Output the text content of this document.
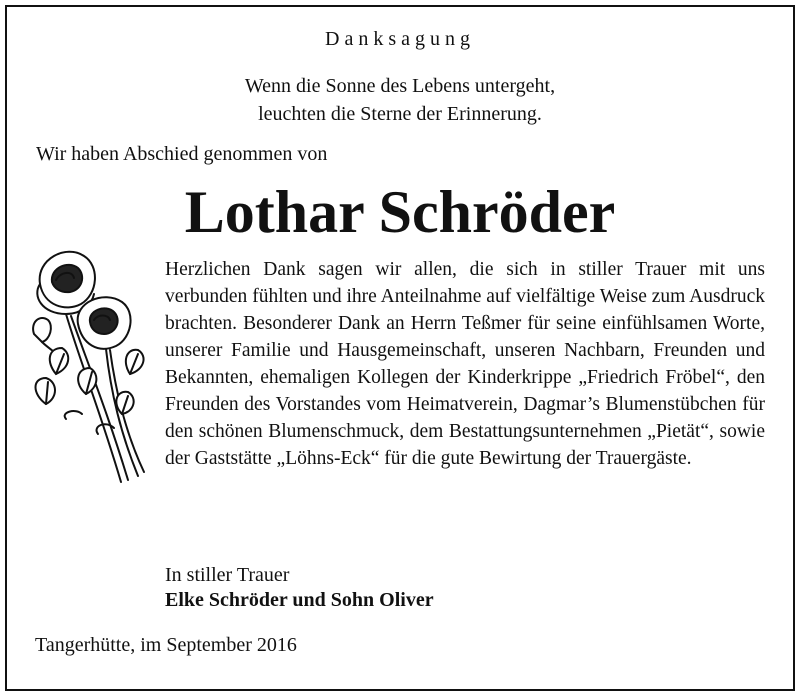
Danksagung
Wenn die Sonne des Lebens untergeht,
leuchten die Sterne der Erinnerung.
Wir haben Abschied genommen von
Lothar Schröder
Herzlichen Dank sagen wir allen, die sich in stiller Trauer mit uns verbunden fühlten und ihre Anteilnahme auf vielfältige Weise zum Ausdruck brachten. Besonderer Dank an Herrn Teßmer für seine einfühlsamen Worte, unserer Familie und Hausgemeinschaft, unseren Nachbarn, Freunden und Bekannten, ehemaligen Kollegen der Kinderkrippe „Friedrich Fröbel“, den Freunden des Vorstandes vom Heimatverein, Dagmar’s Blumenstübchen für den schönen Blumenschmuck, dem Bestattungsunternehmen „Pietät“, sowie der Gaststätte „Löhns-Eck“ für die gute Bewirtung der Trauergäste.
In stiller Trauer
Elke Schröder und Sohn Oliver
Tangerhütte, im September 2016
